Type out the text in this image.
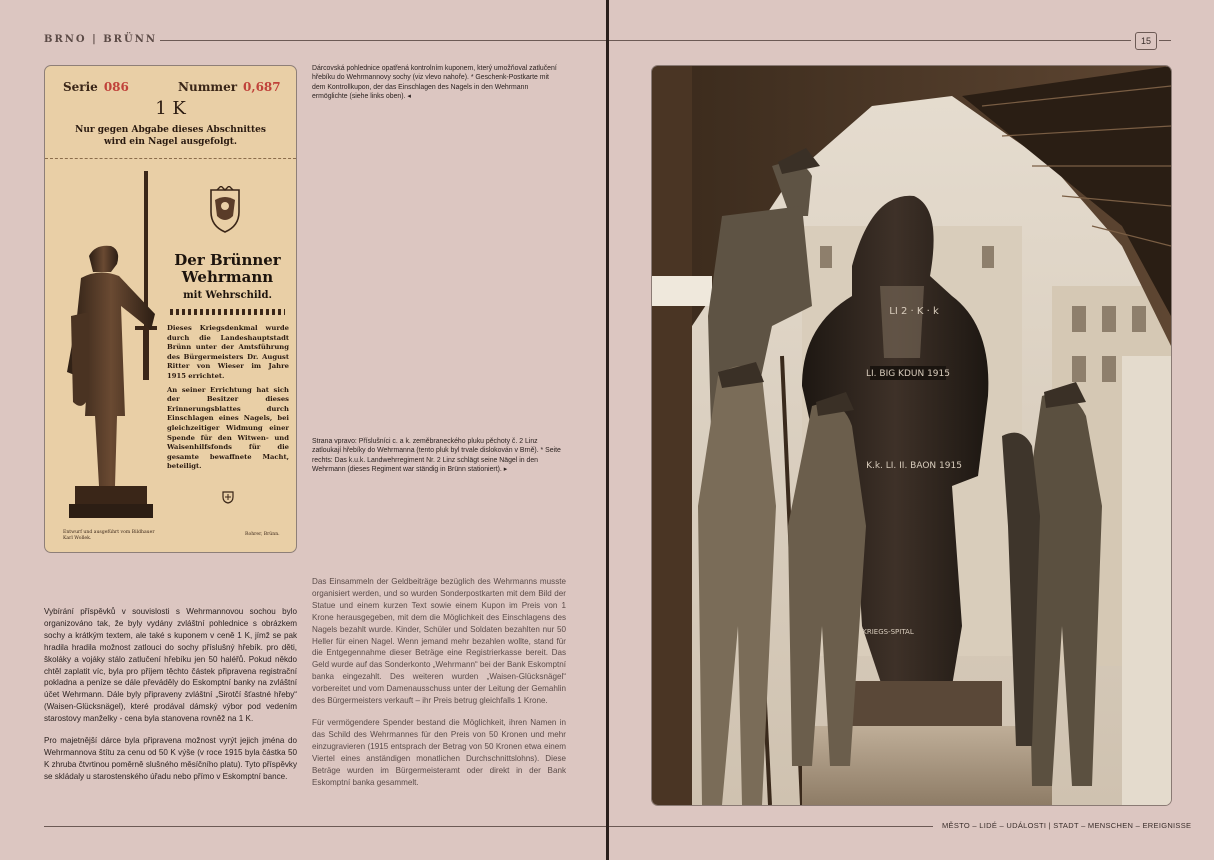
BRNO | BRÜNN	15
Serie 086	Nummer 0,687
1 K
Nur gegen Abgabe dieses Abschnittes
wird ein Nagel ausgefolgt.
Der Brünner
Wehrmann
mit Wehrschild.

Dieses Kriegsdenkmal wurde durch die Landeshauptstadt Brünn unter der Amtsführung des Bürgermeisters Dr. August Ritter von Wieser im Jahre 1915 errichtet.

An seiner Errichtung hat sich der Besitzer dieses Erinnerungsblattes durch Einschlagen eines Nagels, bei gleichzeitiger Widmung einer Spende für den Witwen- und Waisenhilfsfonds für die gesamte bewaffnete Macht, beteiligt.

Entwurf und ausgeführt vom Bildhauer Karl Wollek.
Rohrer, Brünn.
Dárcovská pohlednice opatřená kontrolním kuponem, který umožňoval zatlučení hřebíku do Wehrmannovy sochy (viz vlevo nahoře). * Geschenk-Postkarte mit dem Kontrollkupon, der das Einschlagen des Nagels in den Wehrmann ermöglichte (siehe links oben). ◂
Strana vpravo: Příslušníci c. a k. zeměbraneckého pluku pěchoty č. 2 Linz zatloukají hřebíky do Wehrmanna (tento pluk byl trvale dislokován v Brně). * Seite rechts: Das k.u.k. Landwehrregiment Nr. 2 Linz schlägt seine Nägel in den Wehrmann (dieses Regiment war ständig in Brünn stationiert). ▸

Vybírání příspěvků v souvislosti s Wehrmannovou sochou bylo organizováno tak, že byly vydány zvláštní pohlednice s obrázkem sochy a krátkým textem, ale také s kuponem v ceně 1 K, jímž se pak hradila hradila možnost zatlouci do sochy příslušný hřebík. pro děti, školáky a vojáky stálo zatlučení hřebíku jen 50 haléřů. Pokud někdo chtěl zaplatit víc, byla pro příjem těchto částek připravena registrační pokladna a peníze se dále převáděly do Eskomptní banky na zvláštní účet Wehrmann. Dále byly připraveny zvláštní „Sirotčí šťastné hřeby“ (Waisen-Glücksnägel), které prodával dámský výbor pod vedením starostovy manželky - cena byla stanovena rovněž na 1 K.

Pro majetnější dárce byla připravena možnost vyrýt jejich jména do Wehrmannova štítu za cenu od 50 K výše (v roce 1915 byla částka 50 K zhruba čtvrtinou poměrně slušného měsíčního platu). Tyto příspěvky se skládaly u starostenského úřadu nebo přímo v Eskomptní bance.

Das Einsammeln der Geldbeiträge bezüglich des Wehrmanns musste organisiert werden, und so wurden Sonderpostkarten mit dem Bild der Statue und einem kurzen Text sowie einem Kupon im Preis von 1 Krone herausgegeben, mit dem die Möglichkeit des Einschlagens des Nagels bezahlt wurde. Kinder, Schüler und Soldaten bezahlten nur 50 Heller für einen Nagel. Wenn jemand mehr bezahlen wollte, stand für die Entgegennahme dieser Beträge eine Registrierkasse bereit. Das Geld wurde auf das Sonderkonto „Wehrmann“ bei der Bank Eskomptní banka eingezahlt. Des weiteren wurden „Waisen-Glücksnägel“ vorbereitet und vom Damenausschuss unter der Leitung der Gemahlin des Bürgermeisters verkauft – ihr Preis betrug gleichfalls 1 Krone.

Für vermögendere Spender bestand die Möglichkeit, ihren Namen in das Schild des Wehrmannes für den Preis von 50 Kronen und mehr einzugravieren (1915 entsprach der Betrag von 50 Kronen etwa einem Viertel eines anständigen monatlichen Durchschnittslohns). Diese Beträge wurden im Bürgermeisteramt oder direkt in der Bank Eskomptní banka gesammelt.

LI 2 · K · k
LI. BIG KDUN 1915
K.k. LI. II. BAON 1915
KRIEGS-SPITAL
MĚSTO – LIDÉ – UDÁLOSTI | STADT – MENSCHEN – EREIGNISSE
